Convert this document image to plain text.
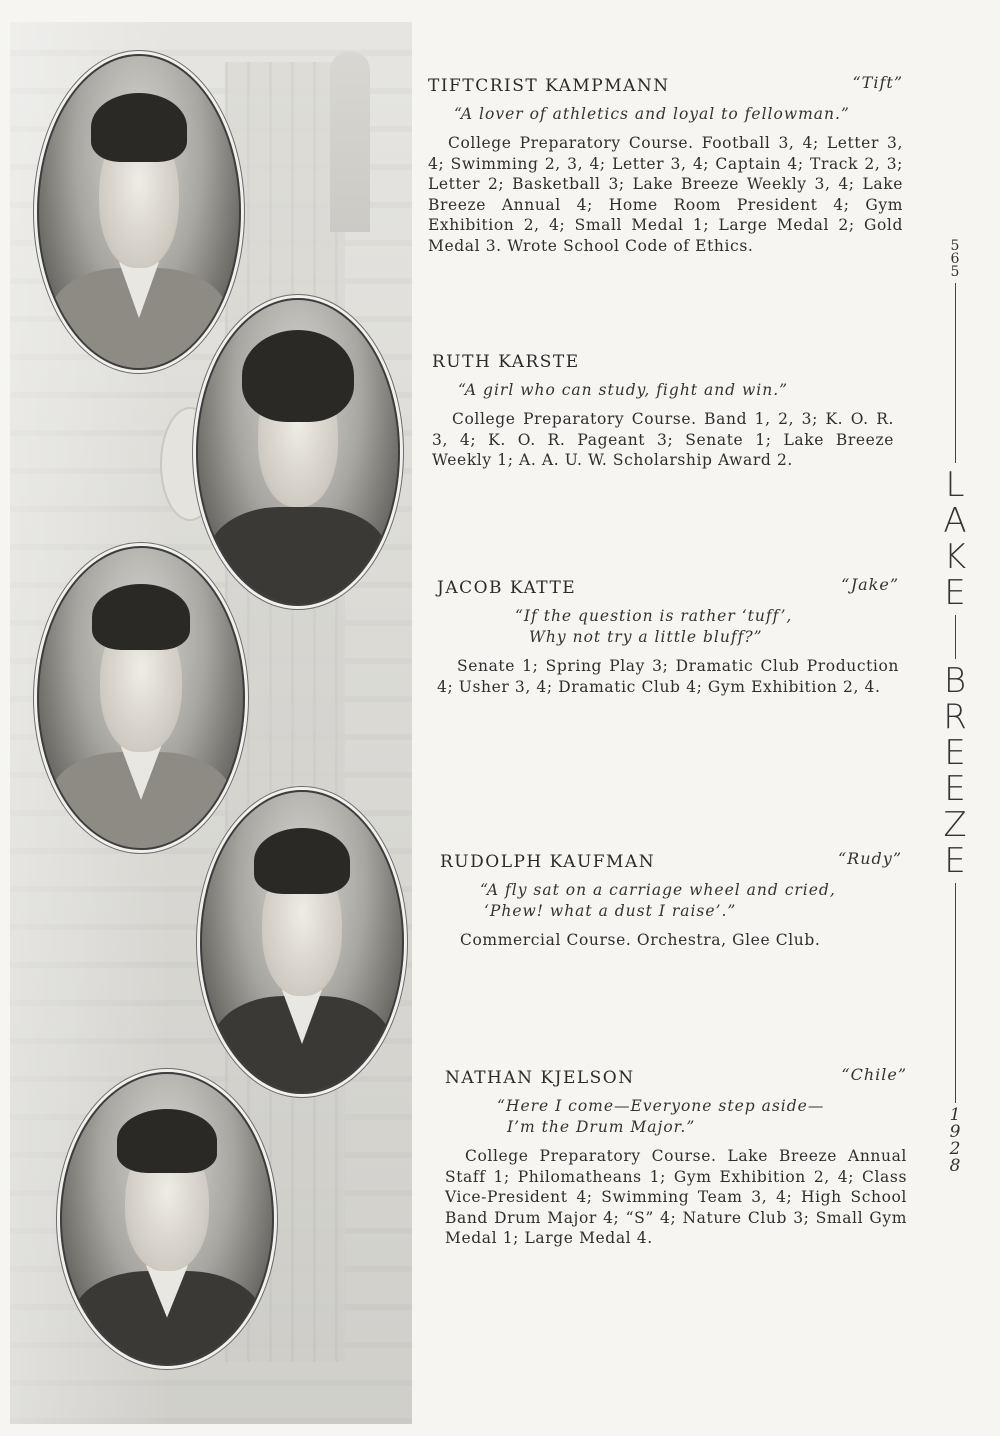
TIFTCRIST KAMPMANN	“Tift”
“A lover of athletics and loyal to fellowman.”
College Preparatory Course. Football 3, 4; Letter 3, 4; Swimming 2, 3, 4; Letter 3, 4; Captain 4; Track 2, 3; Letter 2; Basketball 3; Lake Breeze Weekly 3, 4; Lake Breeze Annual 4; Home Room President 4; Gym Exhibition 2, 4; Small Medal 1; Large Medal 2; Gold Medal 3. Wrote School Code of Ethics.
RUTH KARSTE
“A girl who can study, fight and win.”
College Preparatory Course. Band 1, 2, 3; K. O. R. 3, 4; K. O. R. Pageant 3; Senate 1; Lake Breeze Weekly 1; A. A. U. W. Scholarship Award 2.
JACOB KATTE	“Jake”
“If the question is rather ‘tuff’,
Why not try a little bluff?”
Senate 1; Spring Play 3; Dramatic Club Production 4; Usher 3, 4; Dramatic Club 4; Gym Exhibition 2, 4.
RUDOLPH KAUFMAN	“Rudy”
“A fly sat on a carriage wheel and cried,
‘Phew! what a dust I raise’.”
Commercial Course. Orchestra, Glee Club.
NATHAN KJELSON	“Chile”
“Here I come—Everyone step aside—
I’m the Drum Major.”
College Preparatory Course. Lake Breeze Annual Staff 1; Philomatheans 1; Gym Exhibition 2, 4; Class Vice-President 4; Swimming Team 3, 4; High School Band Drum Major 4; “S” 4; Nature Club 3; Small Gym Medal 1; Large Medal 4.
5
6
5
L
A
K
E
B
R
E
E
Z
E
1
9
2
8
